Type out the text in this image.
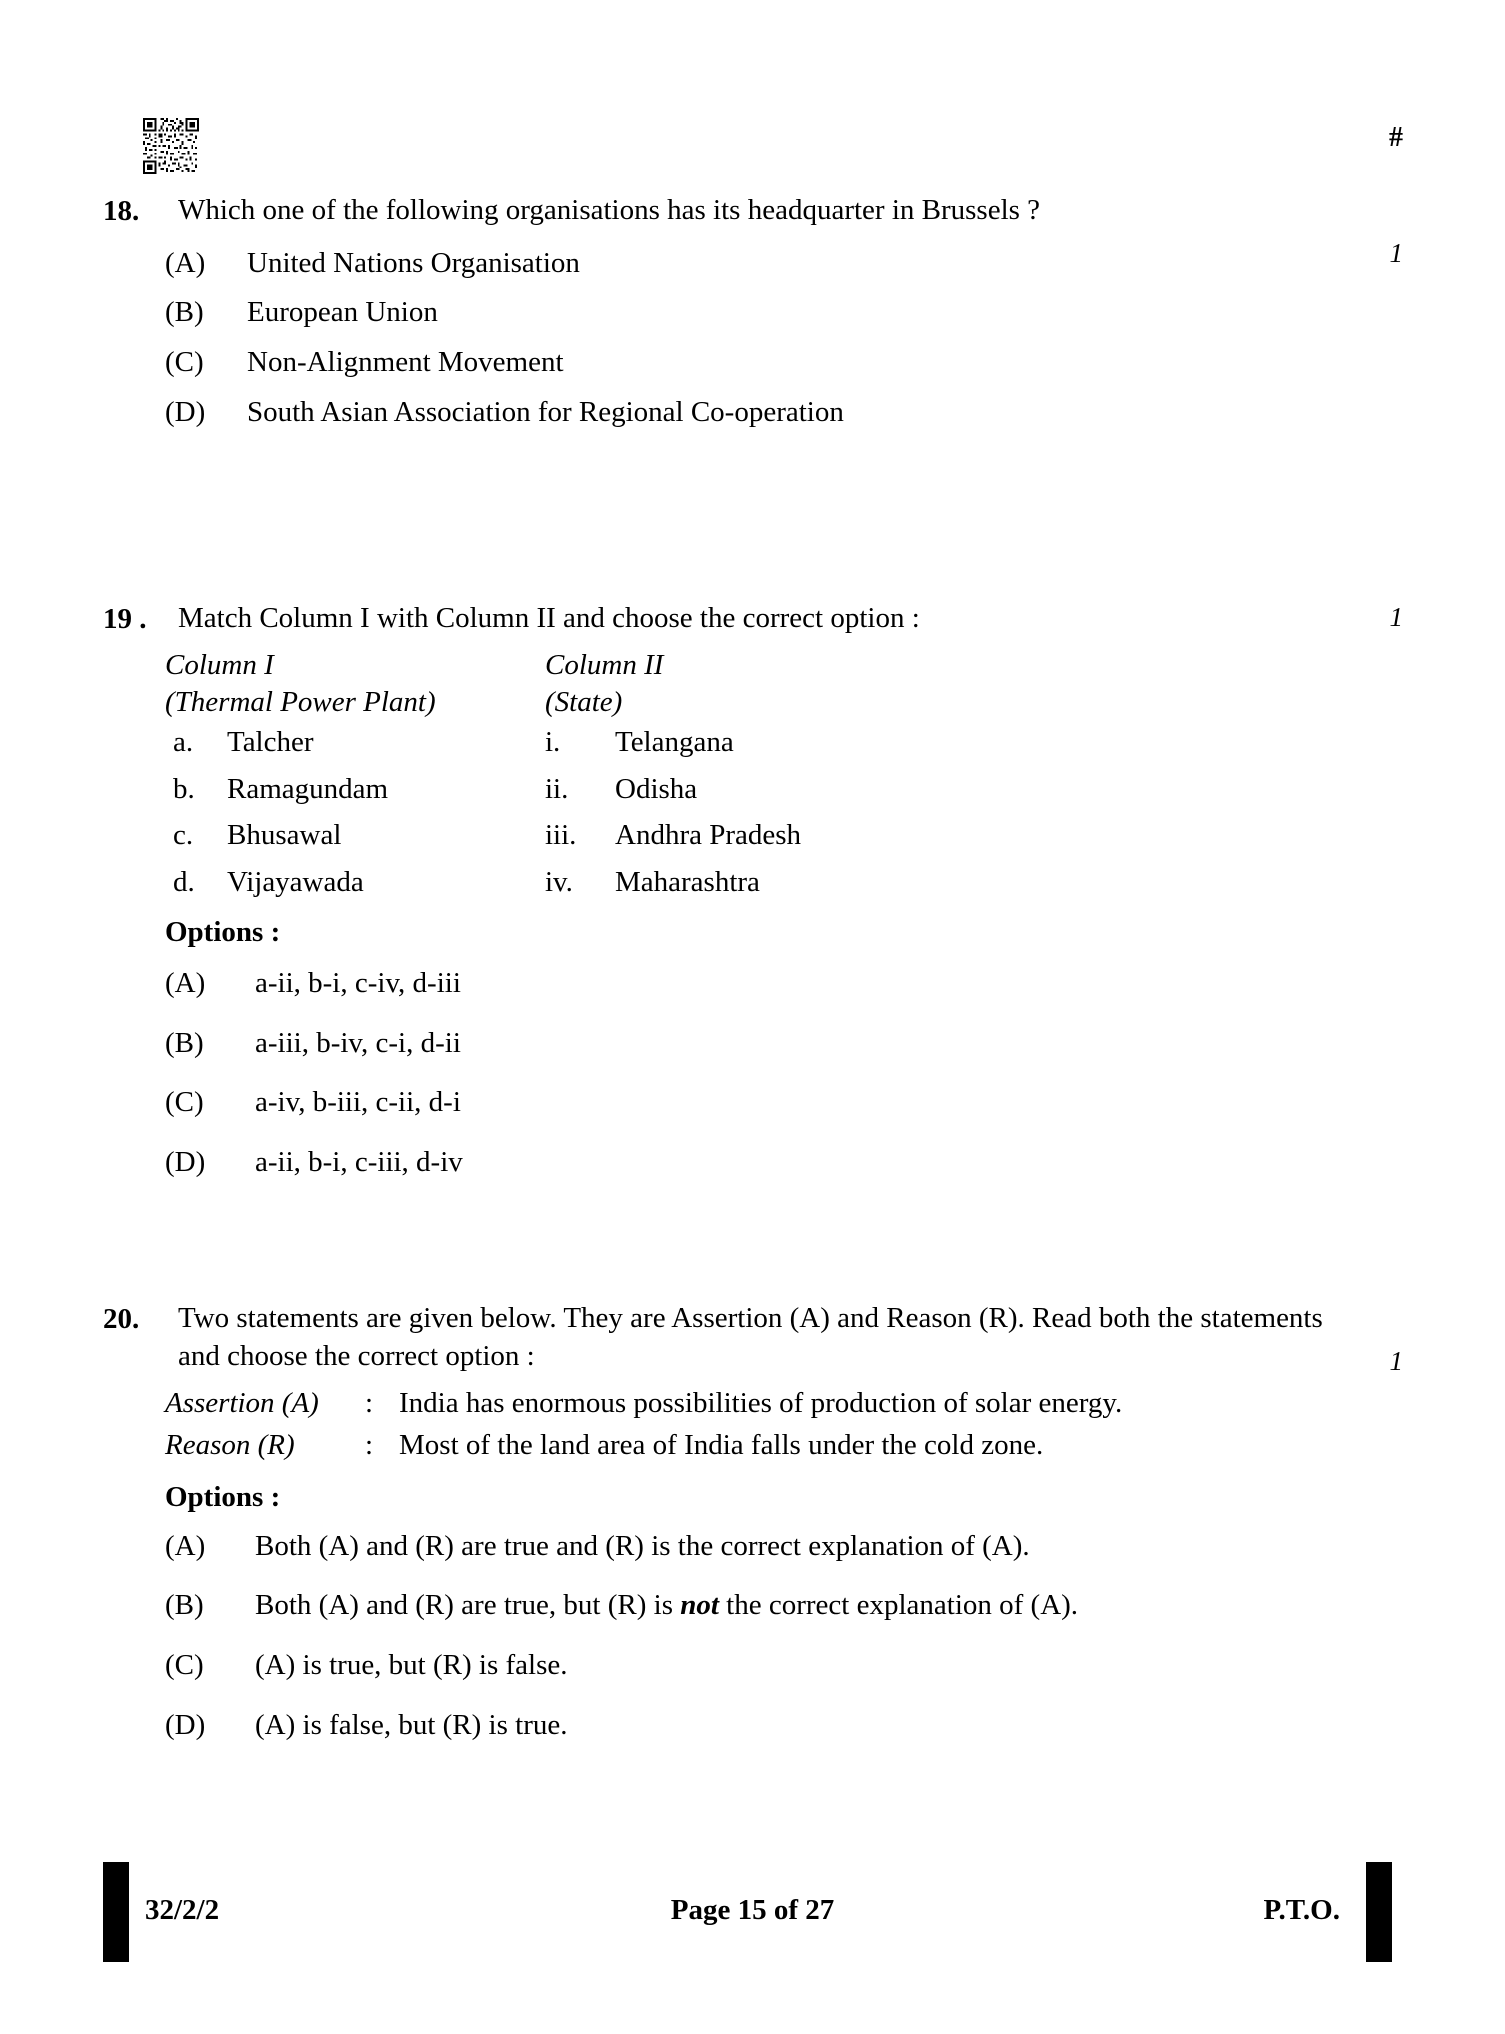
#
18.	Which one of the following organisations has its headquarter in Brussels ?
1
(A)	United Nations Organisation
(B)	European Union
(C)	Non-Alignment Movement
(D)	South Asian Association for Regional Co-operation
19 .	Match Column I with Column II and choose the correct option :	1
Column I	Column II
(Thermal Power Plant)	(State)
a.	Talcher	i.	Telangana
b.	Ramagundam	ii.	Odisha
c.	Bhusawal	iii.	Andhra Pradesh
d.	Vijayawada	iv.	Maharashtra
Options :
(A)	a-ii, b-i, c-iv, d-iii
(B)	a-iii, b-iv, c-i, d-ii
(C)	a-iv, b-iii, c-ii, d-i
(D)	a-ii, b-i, c-iii, d-iv
20.	Two statements are given below. They are Assertion (A) and Reason (R). Read both the statements and choose the correct option :	1
Assertion (A)	: India has enormous possibilities of production of solar energy.
Reason (R)	: Most of the land area of India falls under the cold zone.
Options :
(A)	Both (A) and (R) are true and (R) is the correct explanation of (A).
(B)	Both (A) and (R) are true, but (R) is not the correct explanation of (A).
(C)	(A) is true, but (R) is false.
(D)	(A) is false, but (R) is true.
32/2/2	Page 15 of 27	P.T.O.
